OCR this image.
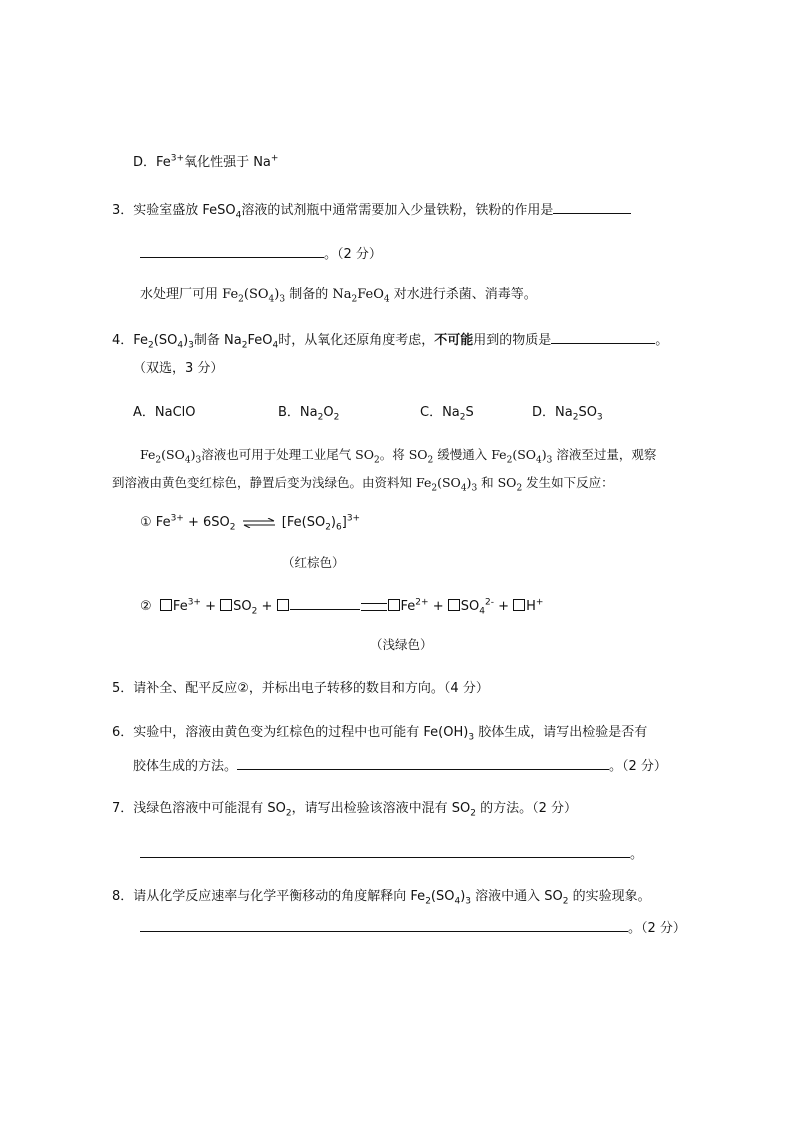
D．$Fe^{3+}$氧化性强于 Na+
3．实验室盛放 FeSO$_4$溶液的试剂瓶中通常需要加入少量铁粉，铁粉的作用是
。（2 分）
水处理厂可用 $Fe_2(SO_4)_3$ 制备的 $Na_2FeO_4$ 对水进行杀菌、消毒等。
4．$Fe_2(SO_4)_3$制备 $Na_2FeO_4$时，从氧化还原角度考虑，不可能用到的物质是	。
（双选，3 分）
A．NaClO	B．$Na_2O_2$	C．$Na_2S$	D．$Na_2SO_3$
$Fe_2(SO_4)_3$溶液也可用于处理工业尾气 $SO_2$。将 $SO_2$ 缓慢通入 $Fe_2(SO_4)_3$ 溶液至过量，观察
到溶液由黄色变红棕色，静置后变为浅绿色。由资料知 $Fe_2(SO_4)_3$ 和 $SO_2$ 发生如下反应：
① $Fe^{3+} + 6SO_2$ ⇌ $[Fe(SO_2)_6]^{3+}$
（红棕色）
② $Fe^{3+} + SO_2$ +	$Fe^{2+} + SO_4^{2-} + H^+$
（浅绿色）
5．请补全、配平反应②，并标出电子转移的数目和方向。（4 分）
6．实验中，溶液由黄色变为红棕色的过程中也可能有 $Fe(OH)_3$ 胶体生成，请写出检验是否有
胶体生成的方法。	。（2 分）
7．浅绿色溶液中可能混有 $SO_2$，请写出检验该溶液中混有 $SO_2$ 的方法。（2 分）
。
8．请从化学反应速率与化学平衡移动的角度解释向 $Fe_2(SO_4)_3$ 溶液中通入 $SO_2$ 的实验现象。
。（2 分）
